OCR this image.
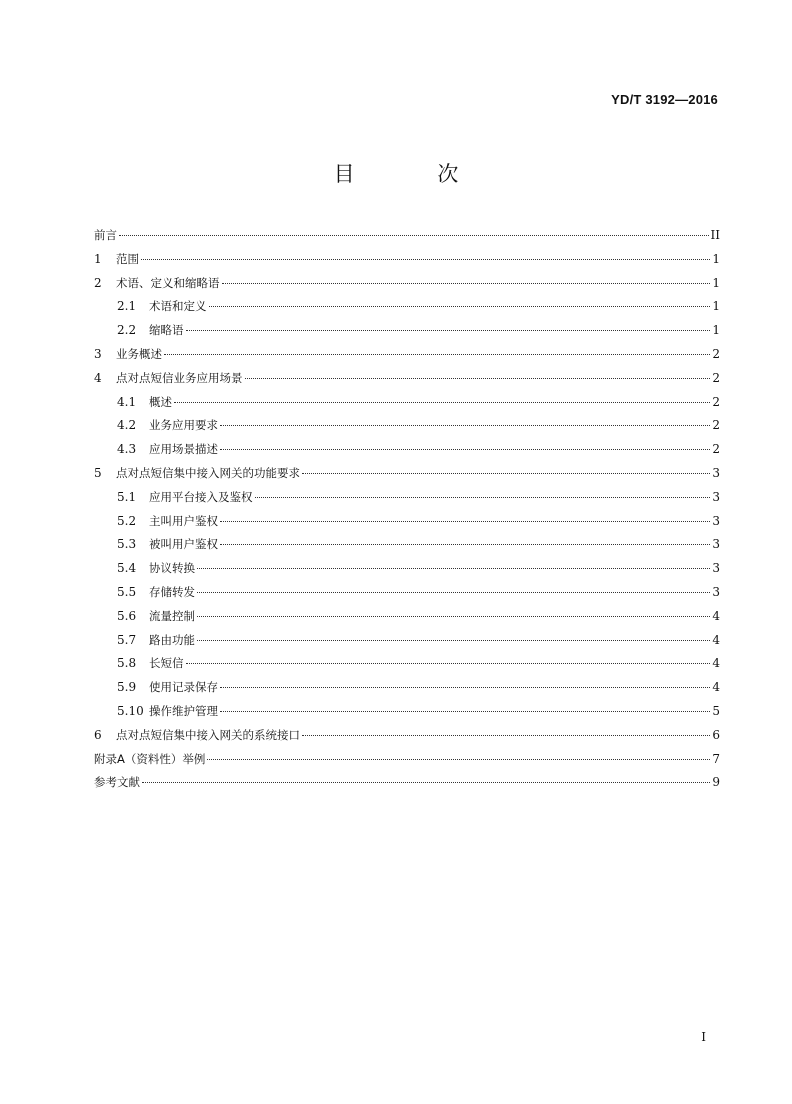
YD/T 3192—2016
目 次
前言	II
1	范围	1
2	术语、定义和缩略语	1
2.1	术语和定义	1
2.2	缩略语	1
3	业务概述	2
4	点对点短信业务应用场景	2
4.1	概述	2
4.2	业务应用要求	2
4.3	应用场景描述	2
5	点对点短信集中接入网关的功能要求	3
5.1	应用平台接入及鉴权	3
5.2	主叫用户鉴权	3
5.3	被叫用户鉴权	3
5.4	协议转换	3
5.5	存储转发	3
5.6	流量控制	4
5.7	路由功能	4
5.8	长短信	4
5.9	使用记录保存	4
5.10 操作维护管理	5
6	点对点短信集中接入网关的系统接口	6
附录A（资料性）举例	7
参考文献	9
I
